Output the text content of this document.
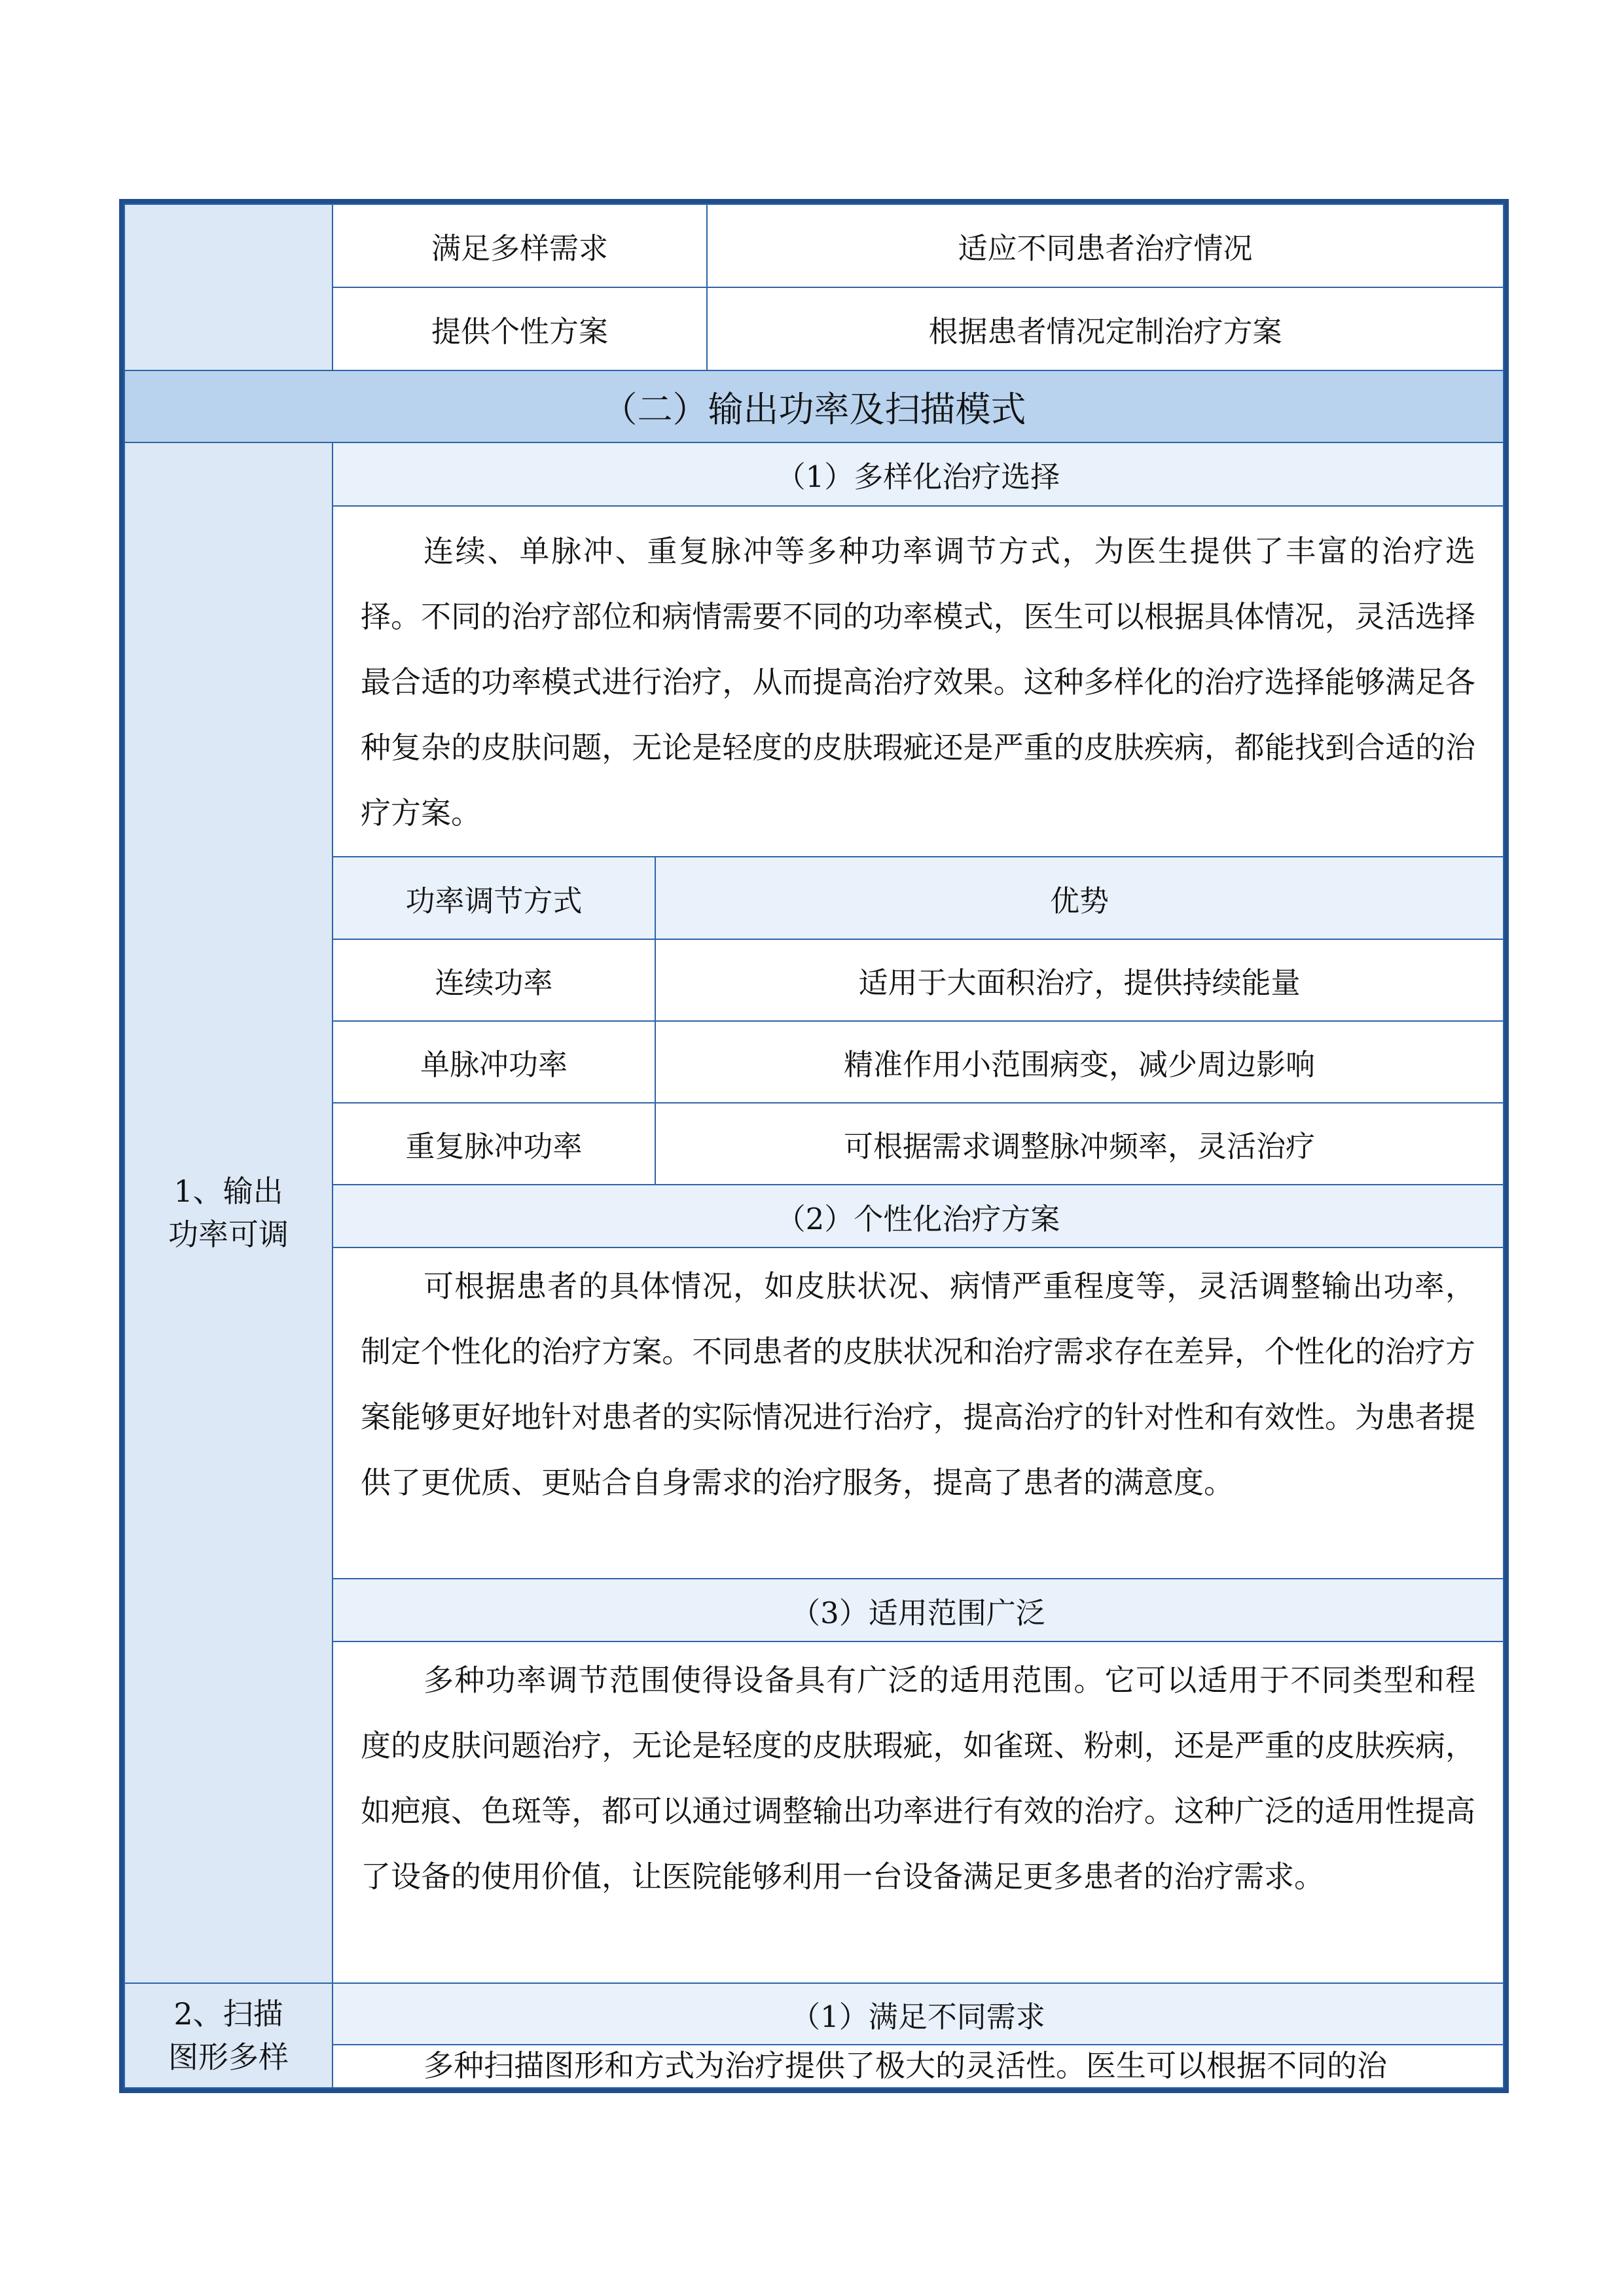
满足多样需求	适应不同患者治疗情况
提供个性方案	根据患者情况定制治疗方案
（二）输出功率及扫描模式
1、输出功率可调
（1）多样化治疗选择
连续、单脉冲、重复脉冲等多种功率调节方式，为医生提供了丰富的治疗选择。不同的治疗部位和病情需要不同的功率模式，医生可以根据具体情况，灵活选择最合适的功率模式进行治疗，从而提高治疗效果。这种多样化的治疗选择能够满足各种复杂的皮肤问题，无论是轻度的皮肤瑕疵还是严重的皮肤疾病，都能找到合适的治疗方案。
功率调节方式	优势
连续功率	适用于大面积治疗，提供持续能量
单脉冲功率	精准作用小范围病变，减少周边影响
重复脉冲功率	可根据需求调整脉冲频率，灵活治疗
（2）个性化治疗方案
可根据患者的具体情况，如皮肤状况、病情严重程度等，灵活调整输出功率，制定个性化的治疗方案。不同患者的皮肤状况和治疗需求存在差异，个性化的治疗方案能够更好地针对患者的实际情况进行治疗，提高治疗的针对性和有效性。为患者提供了更优质、更贴合自身需求的治疗服务，提高了患者的满意度。
（3）适用范围广泛
多种功率调节范围使得设备具有广泛的适用范围。它可以适用于不同类型和程度的皮肤问题治疗，无论是轻度的皮肤瑕疵，如雀斑、粉刺，还是严重的皮肤疾病，如疤痕、色斑等，都可以通过调整输出功率进行有效的治疗。这种广泛的适用性提高了设备的使用价值，让医院能够利用一台设备满足更多患者的治疗需求。
2、扫描图形多样
（1）满足不同需求
多种扫描图形和方式为治疗提供了极大的灵活性。医生可以根据不同的治
